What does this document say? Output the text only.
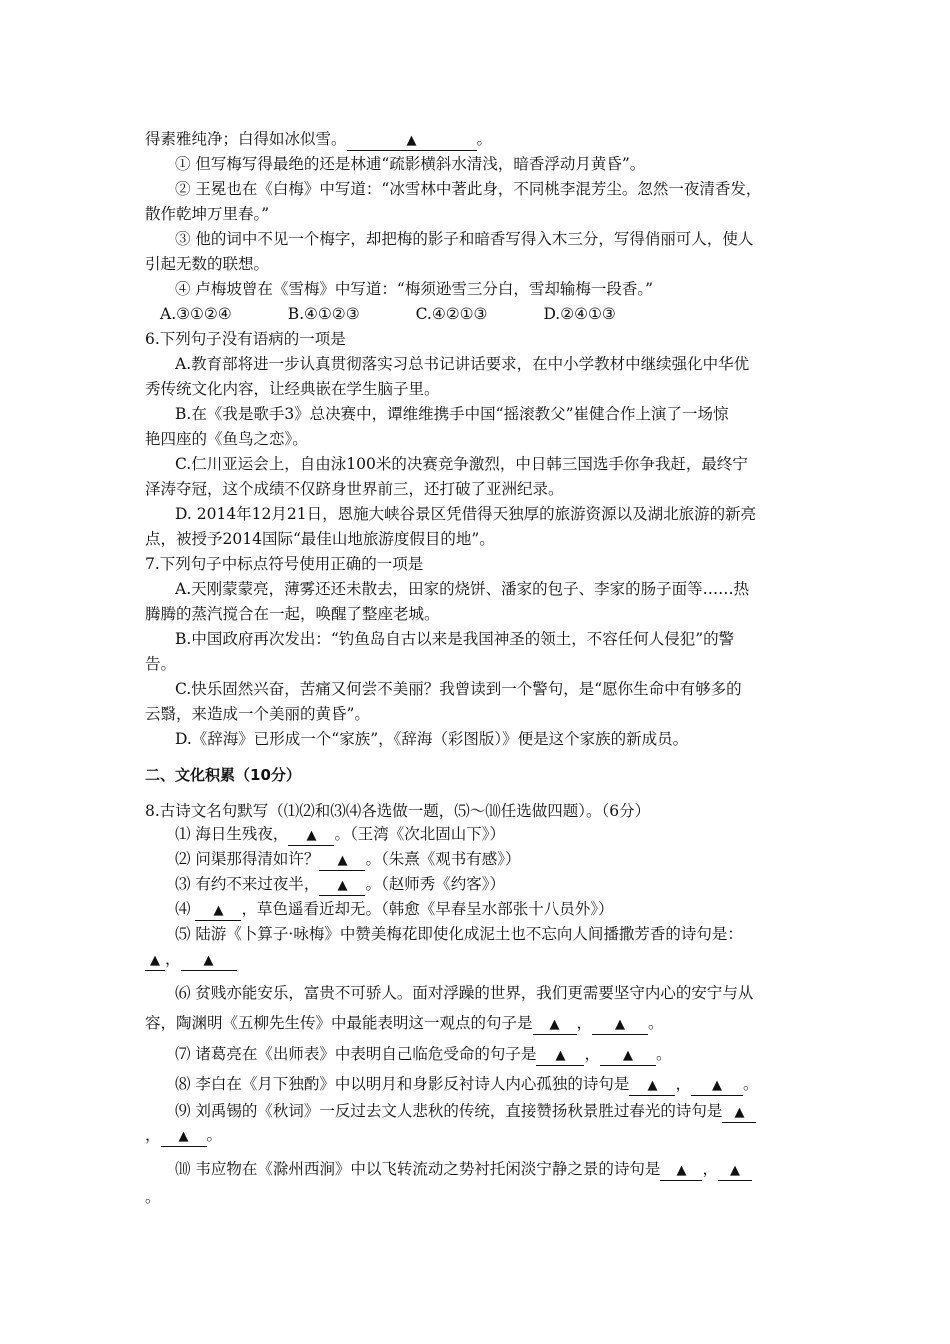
得素雅纯净；白得如冰似雪。	▲	。
① 但写梅写得最绝的还是林逋“疏影横斜水清浅，暗香浮动月黄昏”。
② 王冕也在《白梅》中写道：“冰雪林中著此身，不同桃李混芳尘。忽然一夜清香发，
散作乾坤万里春。”
③ 他的词中不见一个梅字，却把梅的影子和暗香写得入木三分，写得俏丽可人，使人
引起无数的联想。
④ 卢梅坡曾在《雪梅》中写道：“梅须逊雪三分白，雪却输梅一段香。”
A.③①②④	B.④①②③	C.④②①③	D.②④①③
6.下列句子没有语病的一项是
A.教育部将进一步认真贯彻落实习总书记讲话要求，在中小学教材中继续强化中华优
秀传统文化内容，让经典嵌在学生脑子里。
B.在《我是歌手3》总决赛中，谭维维携手中国“摇滚教父”崔健合作上演了一场惊
艳四座的《鱼鸟之恋》。
C.仁川亚运会上，自由泳100米的决赛竞争激烈，中日韩三国选手你争我赶，最终宁
泽涛夺冠，这个成绩不仅跻身世界前三，还打破了亚洲纪录。
D. 2014年12月21日，恩施大峡谷景区凭借得天独厚的旅游资源以及湖北旅游的新亮
点，被授予2014国际“最佳山地旅游度假目的地”。
7.下列句子中标点符号使用正确的一项是
A.天刚蒙蒙亮，薄雾还还未散去，田家的烧饼、潘家的包子、李家的肠子面等……热
腾腾的蒸汽搅合在一起，唤醒了整座老城。
B.中国政府再次发出：“钓鱼岛自古以来是我国神圣的领土，不容任何人侵犯”的警
告。
C.快乐固然兴奋，苦痛又何尝不美丽？我曾读到一个警句，是“愿你生命中有够多的
云翳，来造成一个美丽的黄昏”。
D.《辞海》已形成一个“家族”，《辞海（彩图版）》便是这个家族的新成员。
二、文化积累（10分）
8.古诗文名句默写（⑴⑵和⑶⑷各选做一题，⑸～⑽任选做四题）。（6分）
⑴ 海日生残夜， ▲ 。（王湾《次北固山下》）
⑵ 问渠那得清如许？ ▲ 。（朱熹《观书有感》）
⑶ 有约不来过夜半， ▲ 。（赵师秀《约客》）
⑷ ▲ ，草色遥看近却无。（韩愈《早春呈水部张十八员外》）
⑸ 陆游《卜算子·咏梅》中赞美梅花即使化成泥土也不忘向人间播撒芳香的诗句是：
▲ ， ▲
⑹ 贫贱亦能安乐，富贵不可骄人。面对浮躁的世界，我们更需要坚守内心的安宁与从
容，陶渊明《五柳先生传》中最能表明这一观点的句子是 ▲ ， ▲ 。
⑺ 诸葛亮在《出师表》中表明自己临危受命的句子是 ▲ ， ▲ 。
⑻ 李白在《月下独酌》中以明月和身影反衬诗人内心孤独的诗句是 ▲ ， ▲ 。
⑼ 刘禹锡的《秋词》一反过去文人悲秋的传统，直接赞扬秋景胜过春光的诗句是 ▲
， ▲ 。
⑽ 韦应物在《滁州西涧》中以飞转流动之势衬托闲淡宁静之景的诗句是 ▲ ， ▲
。
